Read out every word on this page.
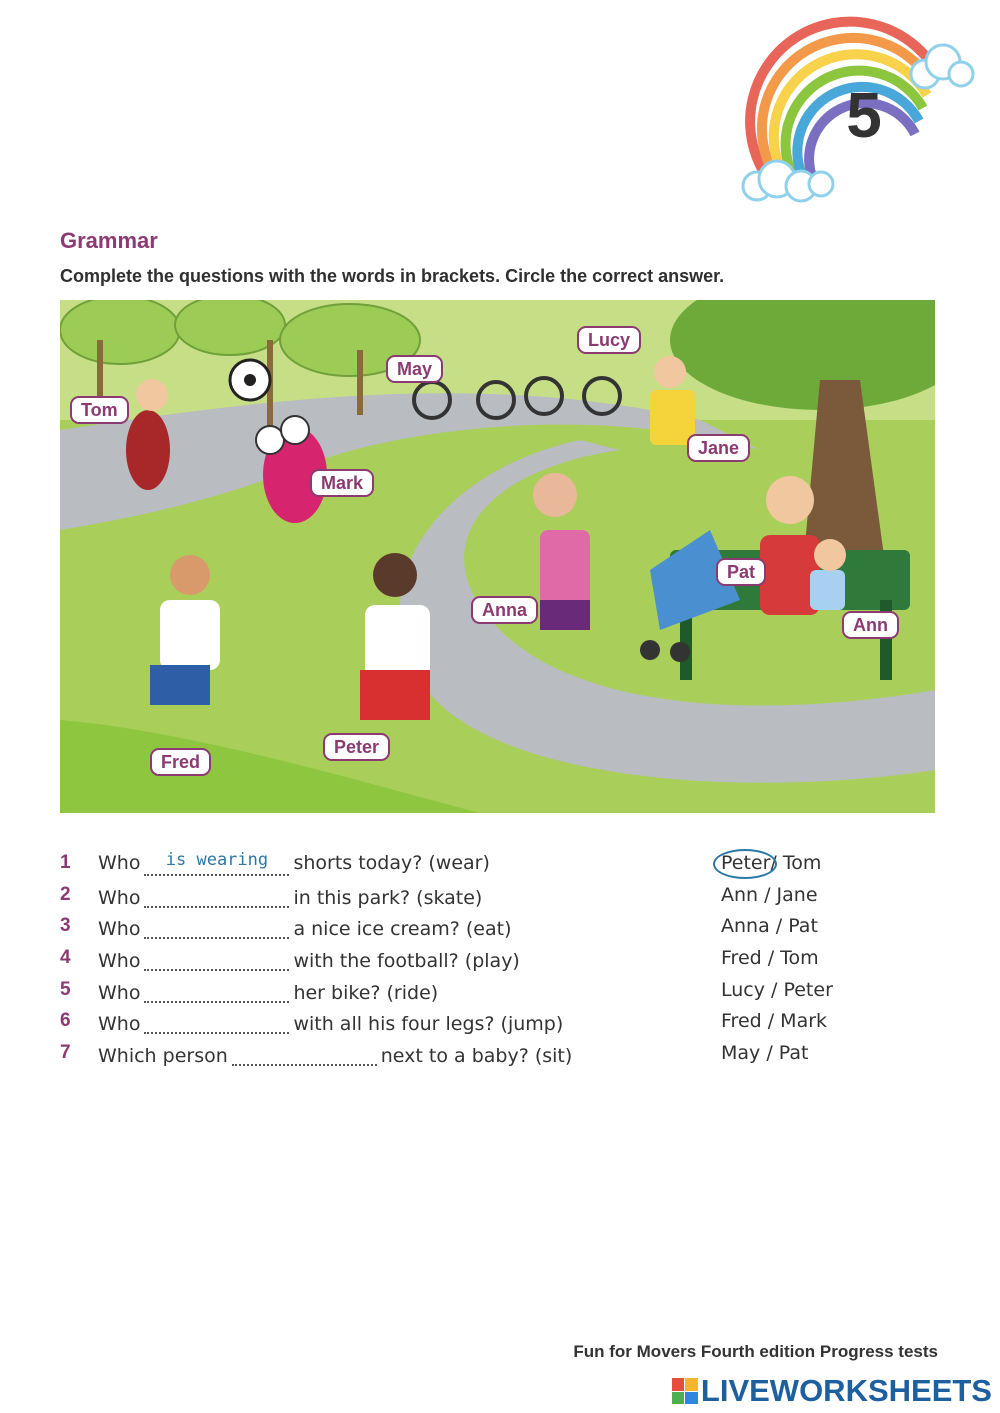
5
Grammar

Complete the questions with the words in brackets. Circle the correct answer.

Tom
Mark
May
Lucy
Jane
Anna
Pat
Ann
Fred
Peter
1 Who is wearing shorts today? (wear)	Peter/ Tom
2 Who	in this park? (skate)	Ann / Jane
3 Who	a nice ice cream? (eat)	Anna / Pat
4 Who	with the football? (play)	Fred / Tom
5 Who	her bike? (ride)	Lucy / Peter
6 Who	with all his four legs? (jump)	Fred / Mark
7 Which person	next to a baby? (sit)	May / Pat

Fun for Movers Fourth edition Progress tests

LIVEWORKSHEETS
